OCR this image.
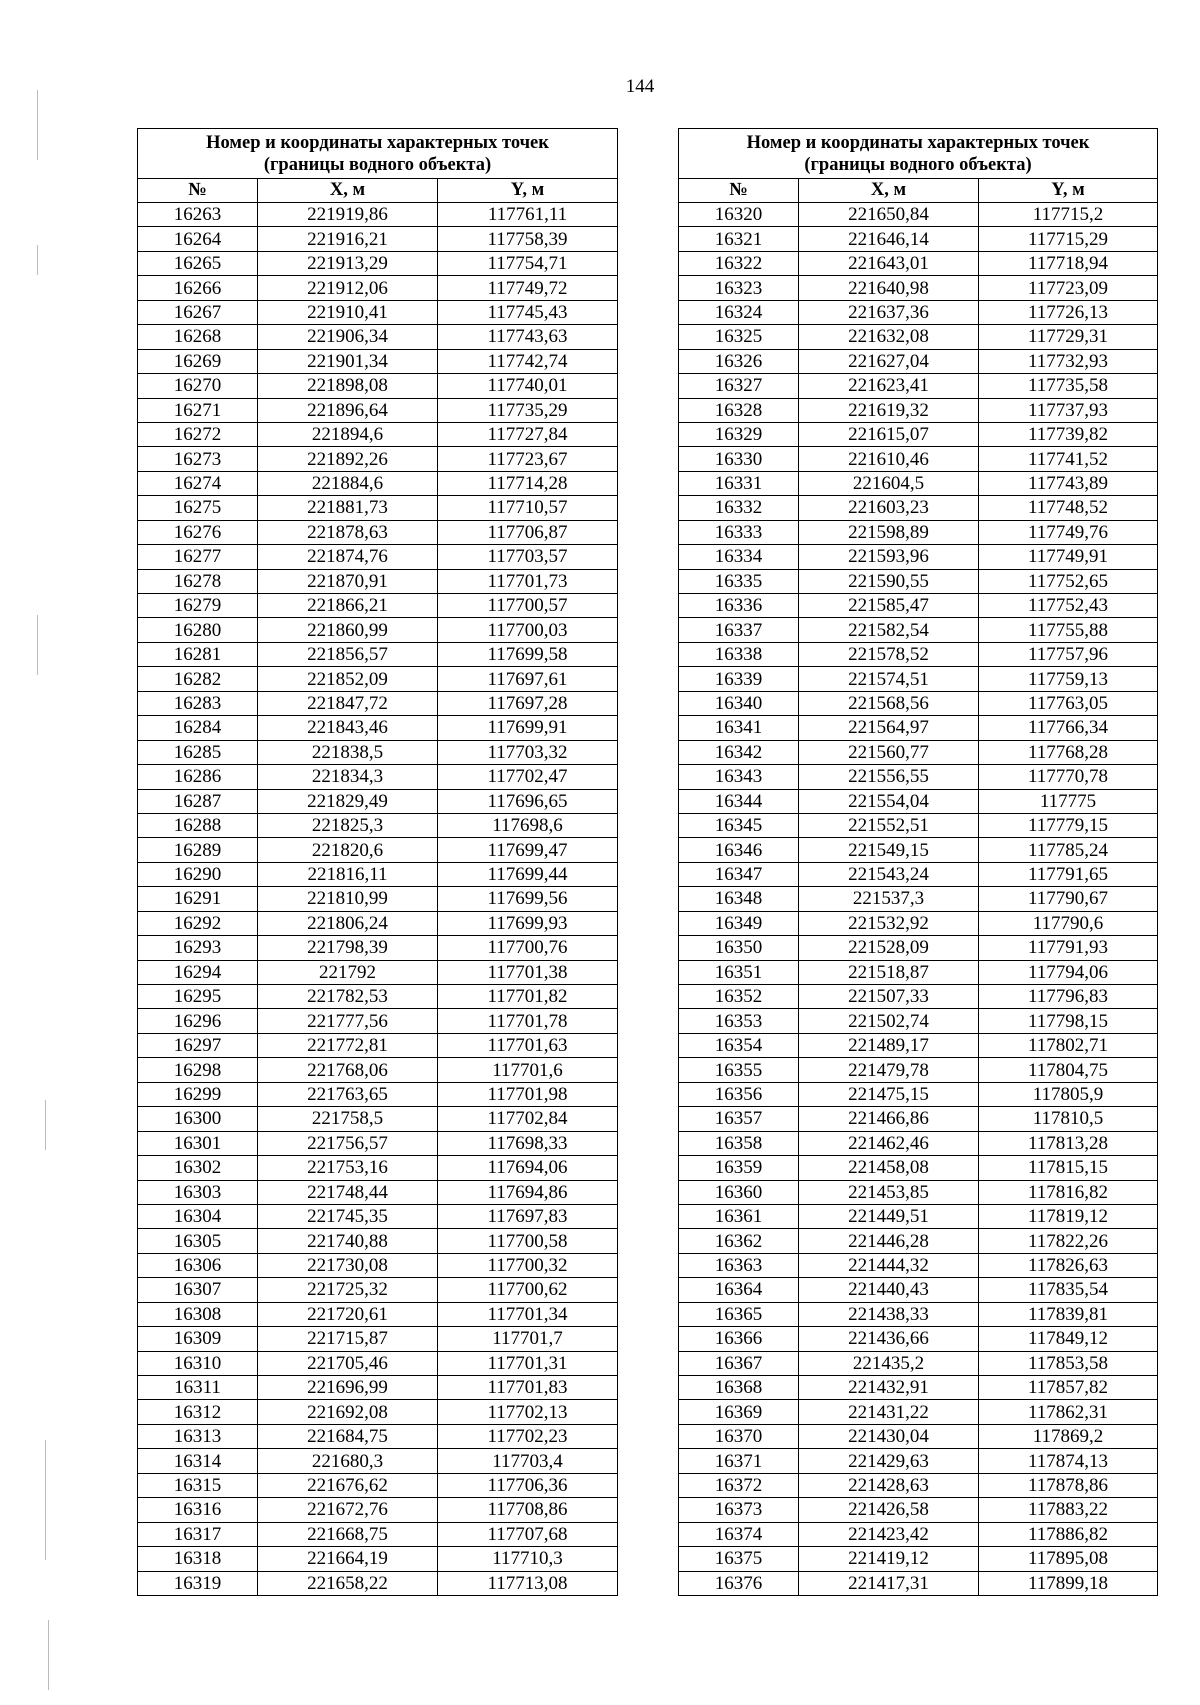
144
Номер и координаты характерных точек
(границы водного объекта)		
№	X, м	Y, м
16263	221919,86	117761,11
16264	221916,21	117758,39
16265	221913,29	117754,71
16266	221912,06	117749,72
16267	221910,41	117745,43
16268	221906,34	117743,63
16269	221901,34	117742,74
16270	221898,08	117740,01
16271	221896,64	117735,29
16272	221894,6	117727,84
16273	221892,26	117723,67
16274	221884,6	117714,28
16275	221881,73	117710,57
16276	221878,63	117706,87
16277	221874,76	117703,57
16278	221870,91	117701,73
16279	221866,21	117700,57
16280	221860,99	117700,03
16281	221856,57	117699,58
16282	221852,09	117697,61
16283	221847,72	117697,28
16284	221843,46	117699,91
16285	221838,5	117703,32
16286	221834,3	117702,47
16287	221829,49	117696,65
16288	221825,3	117698,6
16289	221820,6	117699,47
16290	221816,11	117699,44
16291	221810,99	117699,56
16292	221806,24	117699,93
16293	221798,39	117700,76
16294	221792	117701,38
16295	221782,53	117701,82
16296	221777,56	117701,78
16297	221772,81	117701,63
16298	221768,06	117701,6
16299	221763,65	117701,98
16300	221758,5	117702,84
16301	221756,57	117698,33
16302	221753,16	117694,06
16303	221748,44	117694,86
16304	221745,35	117697,83
16305	221740,88	117700,58
16306	221730,08	117700,32
16307	221725,32	117700,62
16308	221720,61	117701,34
16309	221715,87	117701,7
16310	221705,46	117701,31
16311	221696,99	117701,83
16312	221692,08	117702,13
16313	221684,75	117702,23
16314	221680,3	117703,4
16315	221676,62	117706,36
16316	221672,76	117708,86
16317	221668,75	117707,68
16318	221664,19	117710,3
16319	221658,22	117713,08
Номер и координаты характерных точек
(границы водного объекта)		
№	X, м	Y, м
16320	221650,84	117715,2
16321	221646,14	117715,29
16322	221643,01	117718,94
16323	221640,98	117723,09
16324	221637,36	117726,13
16325	221632,08	117729,31
16326	221627,04	117732,93
16327	221623,41	117735,58
16328	221619,32	117737,93
16329	221615,07	117739,82
16330	221610,46	117741,52
16331	221604,5	117743,89
16332	221603,23	117748,52
16333	221598,89	117749,76
16334	221593,96	117749,91
16335	221590,55	117752,65
16336	221585,47	117752,43
16337	221582,54	117755,88
16338	221578,52	117757,96
16339	221574,51	117759,13
16340	221568,56	117763,05
16341	221564,97	117766,34
16342	221560,77	117768,28
16343	221556,55	117770,78
16344	221554,04	117775
16345	221552,51	117779,15
16346	221549,15	117785,24
16347	221543,24	117791,65
16348	221537,3	117790,67
16349	221532,92	117790,6
16350	221528,09	117791,93
16351	221518,87	117794,06
16352	221507,33	117796,83
16353	221502,74	117798,15
16354	221489,17	117802,71
16355	221479,78	117804,75
16356	221475,15	117805,9
16357	221466,86	117810,5
16358	221462,46	117813,28
16359	221458,08	117815,15
16360	221453,85	117816,82
16361	221449,51	117819,12
16362	221446,28	117822,26
16363	221444,32	117826,63
16364	221440,43	117835,54
16365	221438,33	117839,81
16366	221436,66	117849,12
16367	221435,2	117853,58
16368	221432,91	117857,82
16369	221431,22	117862,31
16370	221430,04	117869,2
16371	221429,63	117874,13
16372	221428,63	117878,86
16373	221426,58	117883,22
16374	221423,42	117886,82
16375	221419,12	117895,08
16376	221417,31	117899,18
